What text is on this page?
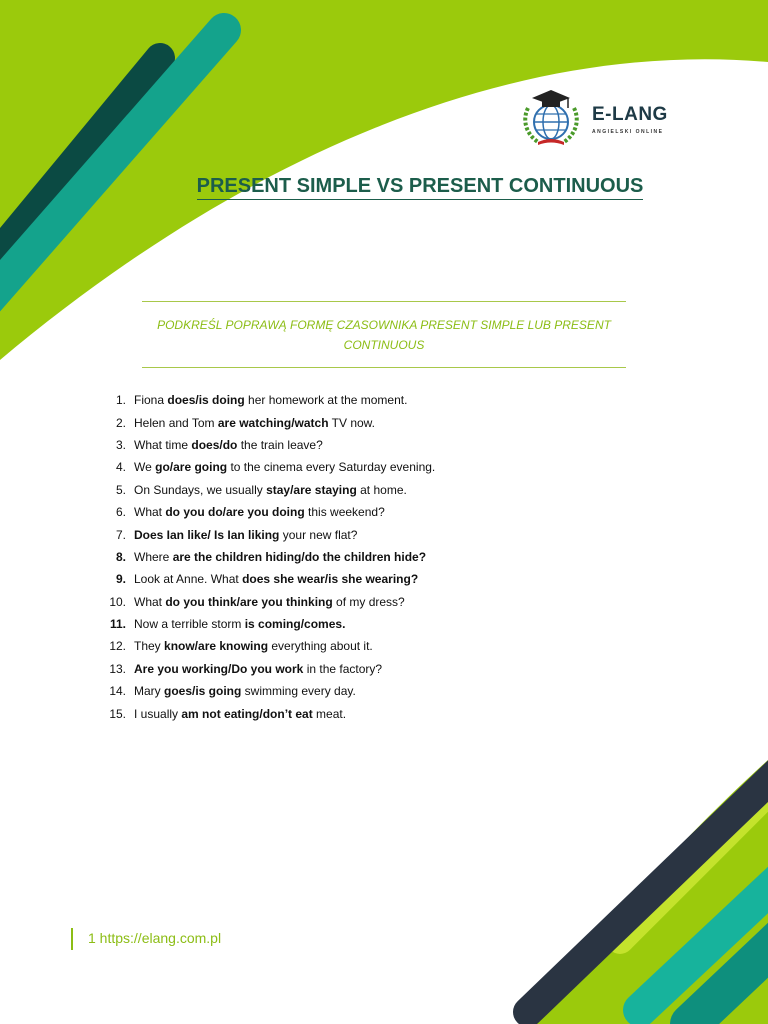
E-LANG
ANGIELSKI ONLINE
PRESENT SIMPLE VS PRESENT CONTINUOUS
PODKREŚL POPRAWĄ FORMĘ CZASOWNIKA PRESENT SIMPLE LUB PRESENT
CONTINUOUS
1. Fiona does/is doing her homework at the moment.
2. Helen and Tom are watching/watch TV now.
3. What time does/do the train leave?
4. We go/are going to the cinema every Saturday evening.
5. On Sundays, we usually stay/are staying at home.
6. What do you do/are you doing this weekend?
7. Does Ian like/ Is Ian liking your new flat?
8. Where are the children hiding/do the children hide?
9. Look at Anne. What does she wear/is she wearing?
10. What do you think/are you thinking of my dress?
11. Now a terrible storm is coming/comes.
12. They know/are knowing everything about it.
13. Are you working/Do you work in the factory?
14. Mary goes/is going swimming every day.
15. I usually am not eating/don’t eat meat.
1 https://elang.com.pl
